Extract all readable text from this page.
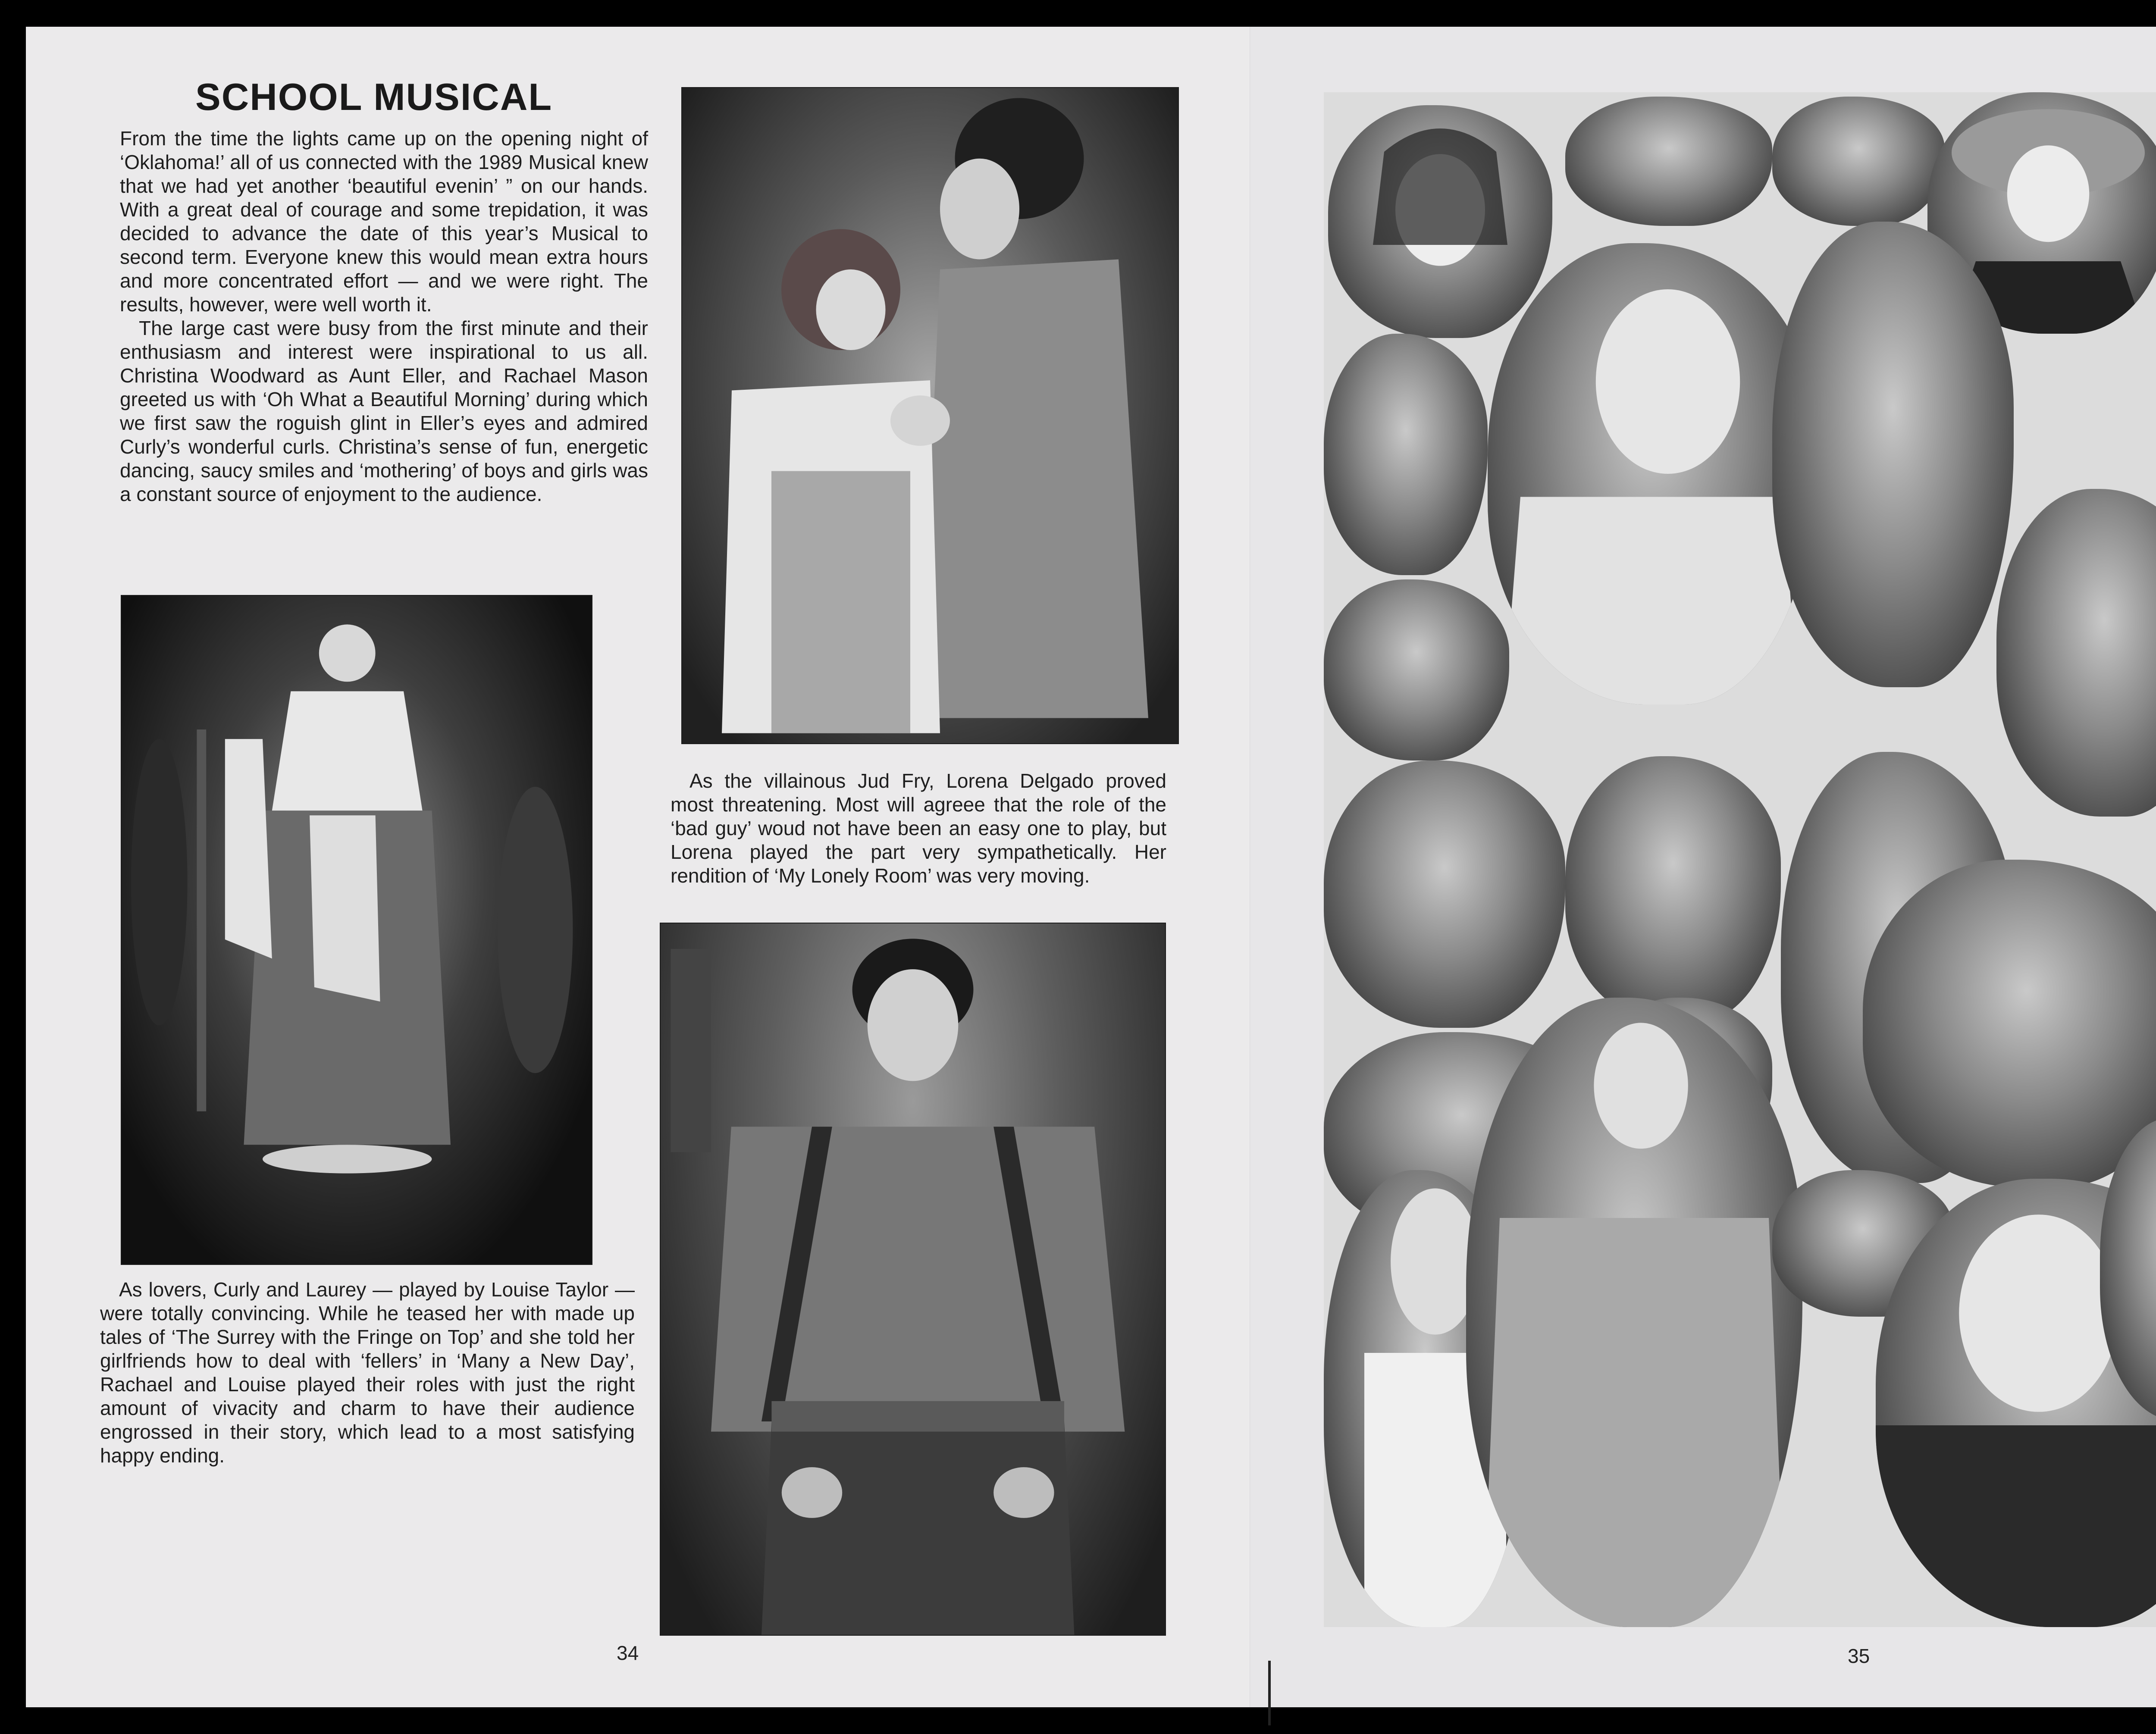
SCHOOL MUSICAL

From the time the lights came up on the opening night of ‘Oklahoma!’ all of us connected with the 1989 Musical knew that we had yet another ‘beautiful evenin’ ” on our hands. With a great deal of courage and some trepidation, it was decided to advance the date of this year’s Musical to second term. Everyone knew this would mean extra hours and more concentrated effort — and we were right. The results, however, were well worth it.

The large cast were busy from the first minute and their enthusiasm and interest were inspirational to us all. Christina Woodward as Aunt Eller, and Rachael Mason greeted us with ‘Oh What a Beautiful Morning’ during which we first saw the roguish glint in Eller’s eyes and admired Curly’s wonderful curls. Christina’s sense of fun, energetic dancing, saucy smiles and ‘mothering’ of boys and girls was a constant source of enjoyment to the audience.

As the villainous Jud Fry, Lorena Delgado proved most threatening. Most will agreee that the role of the ‘bad guy’ woud not have been an easy one to play, but Lorena played the part very sympathetically. Her rendition of ‘My Lonely Room’ was very moving.

As lovers, Curly and Laurey — played by Louise Taylor — were totally convincing. While he teased her with made up tales of ‘The Surrey with the Fringe on Top’ and she told her girlfriends how to deal with ‘fellers’ in ‘Many a New Day’, Rachael and Louise played their roles with just the right amount of vivacity and charm to have their audience engrossed in their story, which lead to a most satisfying happy ending.

34	35
